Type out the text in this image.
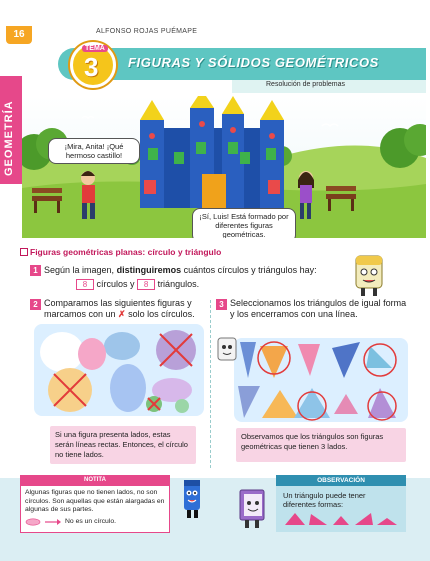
16	ALFONSO ROJAS PUÉMAPE
FIGURAS Y SÓLIDOS GEOMÉTRICOS
Resolución de problemas
TEMA
3
GEOMETRÍA	¡Mira, Anita! ¡Qué hermoso castillo!
¡Sí, Luis! Está formado por diferentes figuras geométricas.
Figuras geométricas planas: círculo y triángulo
1 Según la imagen, distinguiremos cuántos círculos y triángulos hay:
8 círculos y 8 triángulos.
2 Comparamos las siguientes figuras y
marcamos con un ✗ solo los círculos.
Si una figura presenta lados, estas serán líneas rectas. Entonces, el círculo no tiene lados.
3 Seleccionamos los triángulos de igual forma y los encerramos con una línea.
Observamos que los triángulos son figuras geométricas que tienen 3 lados.
NOTITA
Algunas figuras que no tienen lados, no son círculos. Son aquellas que están alargadas en algunas de sus partes.
No es un círculo.
OBSERVACIÓN
Un triángulo puede tener diferentes formas:
